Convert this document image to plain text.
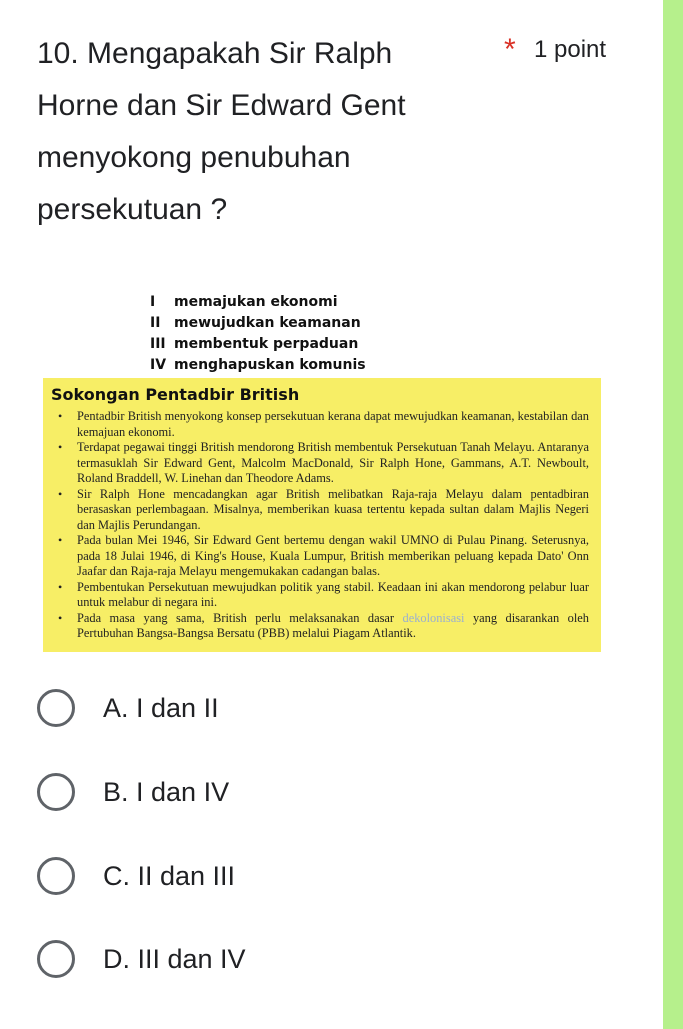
10. Mengapakah Sir Ralph Horne dan Sir Edward Gent menyokong penubuhan persekutuan ?
* 1 point
I memajukan ekonomi
II mewujudkan keamanan
III membentuk perpaduan
IV menghapuskan komunis
Sokongan Pentadbir British
• Pentadbir British menyokong konsep persekutuan kerana dapat mewujudkan keamanan, kestabilan dan kemajuan ekonomi.
• Terdapat pegawai tinggi British mendorong British membentuk Persekutuan Tanah Melayu. Antaranya termasuklah Sir Edward Gent, Malcolm MacDonald, Sir Ralph Hone, Gammans, A.T. Newboult, Roland Braddell, W. Linehan dan Theodore Adams.
• Sir Ralph Hone mencadangkan agar British melibatkan Raja-raja Melayu dalam pentadbiran berasaskan perlembagaan. Misalnya, memberikan kuasa tertentu kepada sultan dalam Majlis Negeri dan Majlis Perundangan.
• Pada bulan Mei 1946, Sir Edward Gent bertemu dengan wakil UMNO di Pulau Pinang. Seterusnya, pada 18 Julai 1946, di King's House, Kuala Lumpur, British memberikan peluang kepada Dato' Onn Jaafar dan Raja-raja Melayu mengemukakan cadangan balas.
• Pembentukan Persekutuan mewujudkan politik yang stabil. Keadaan ini akan mendorong pelabur luar untuk melabur di negara ini.
• Pada masa yang sama, British perlu melaksanakan dasar dekolonisasi yang disarankan oleh Pertubuhan Bangsa-Bangsa Bersatu (PBB) melalui Piagam Atlantik.
A. I dan II
B. I dan IV
C. II dan III
D. III dan IV
